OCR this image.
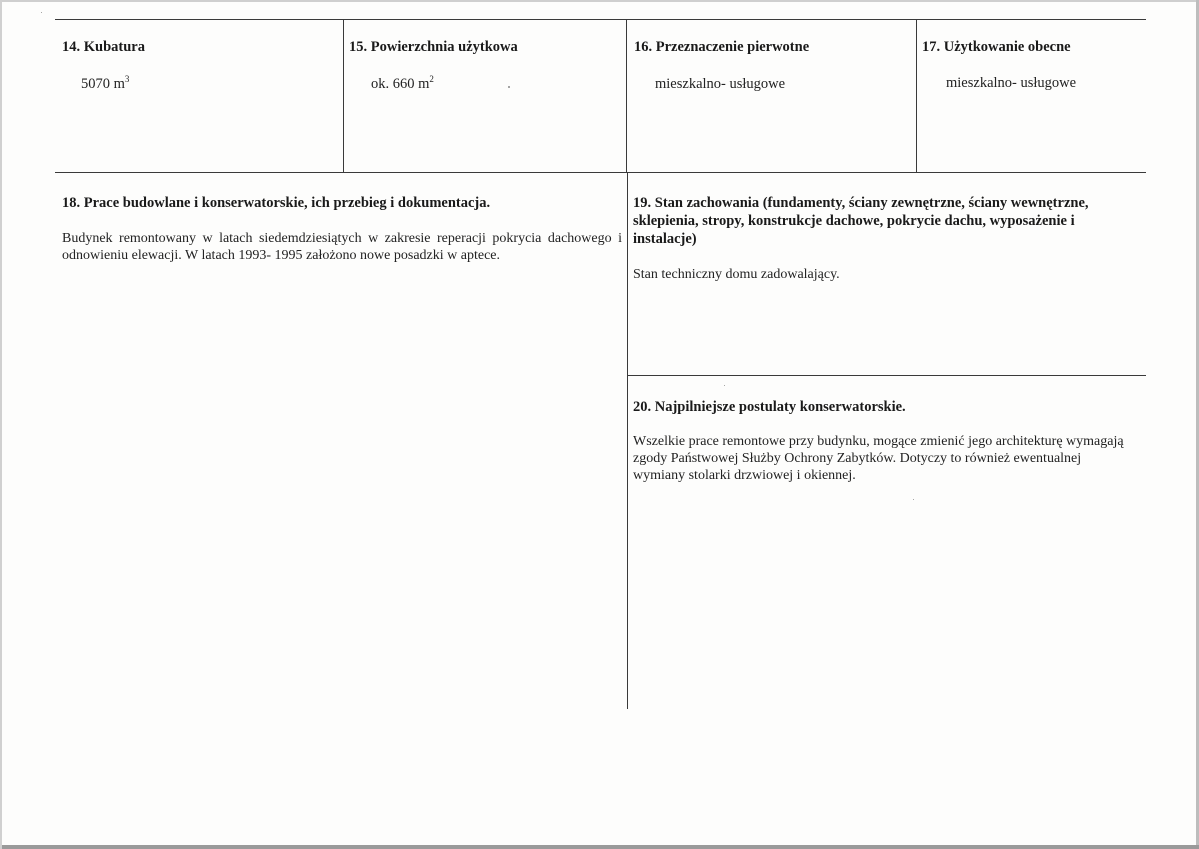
14. Kubatura
5070 $m^3$
15. Powierzchnia użytkowa
ok. 660 $m^2$
16. Przeznaczenie pierwotne
mieszkalno- usługowe
17. Użytkowanie obecne
mieszkalno- usługowe
18. Prace budowlane i konserwatorskie, ich przebieg i dokumentacja.
Budynek remontowany w latach siedemdziesiątych w zakresie reperacji pokrycia dachowego i odnowieniu elewacji. W latach 1993- 1995 założono nowe posadzki w aptece.
19. Stan zachowania (fundamenty, ściany zewnętrzne, ściany wewnętrzne, sklepienia, stropy, konstrukcje dachowe, pokrycie dachu, wyposażenie i instalacje)
Stan techniczny domu zadowalający.
20. Najpilniejsze postulaty konserwatorskie.
Wszelkie prace remontowe przy budynku, mogące zmienić jego architekturę wymagają zgody Państwowej Służby Ochrony Zabytków. Dotyczy to również ewentualnej wymiany stolarki drzwiowej i okiennej.
